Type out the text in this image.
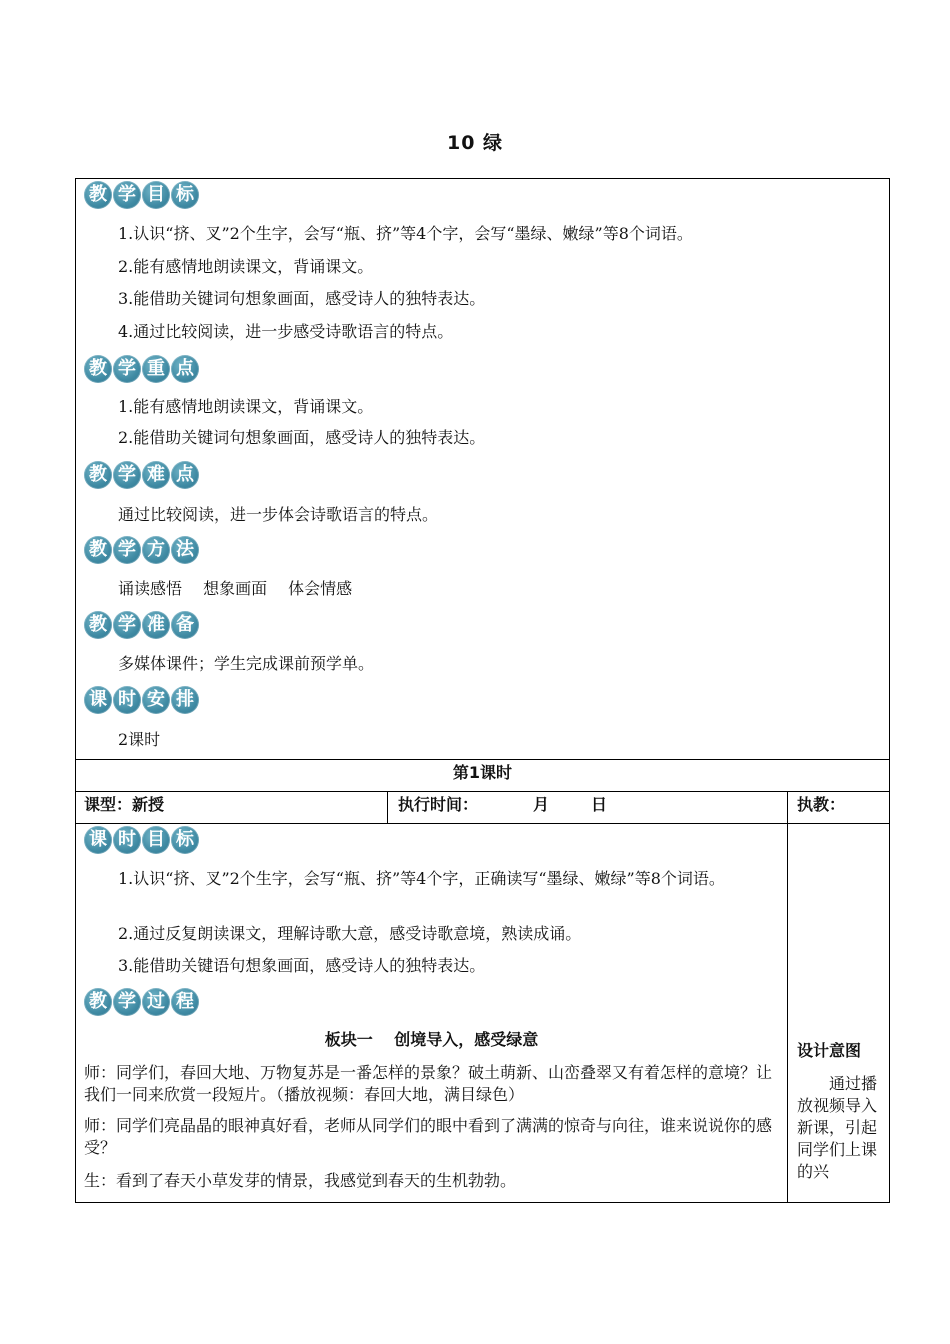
10 绿
教 学 目 标
1.认识“挤、叉”2个生字，会写“瓶、挤”等4个字，会写“墨绿、嫩绿”等8个词语。
2.能有感情地朗读课文，背诵课文。
3.能借助关键词句想象画面，感受诗人的独特表达。
4.通过比较阅读，进一步感受诗歌语言的特点。
教 学 重 点
1.能有感情地朗读课文，背诵课文。
2.能借助关键词句想象画面，感受诗人的独特表达。
教 学 难 点
通过比较阅读，进一步体会诗歌语言的特点。
教 学 方 法
诵读感悟　 想象画面　 体会情感
教 学 准 备
多媒体课件；学生完成课前预学单。
课 时 安 排
2课时
第1课时
课型：新授	执行时间：	月	日	执教：
课 时 目 标
1.认识“挤、叉”2个生字，会写“瓶、挤”等4个字，正确读写“墨绿、嫩绿”等8个词语。
2.通过反复朗读课文，理解诗歌大意，感受诗歌意境，熟读成诵。
3.能借助关键语句想象画面，感受诗人的独特表达。
教 学 过 程
板块一　 创境导入，感受绿意
师：同学们，春回大地、万物复苏是一番怎样的景象？破土萌新、山峦叠翠又有着怎样的意境？让我们一同来欣赏一段短片。（播放视频：春回大地，满目绿色）
师：同学们亮晶晶的眼神真好看，老师从同学们的眼中看到了满满的惊奇与向往，谁来说说你的感受？
生：看到了春天小草发芽的情景，我感觉到春天的生机勃勃。
设计意图
通过播放视频导入新课，引起同学们上课的兴
